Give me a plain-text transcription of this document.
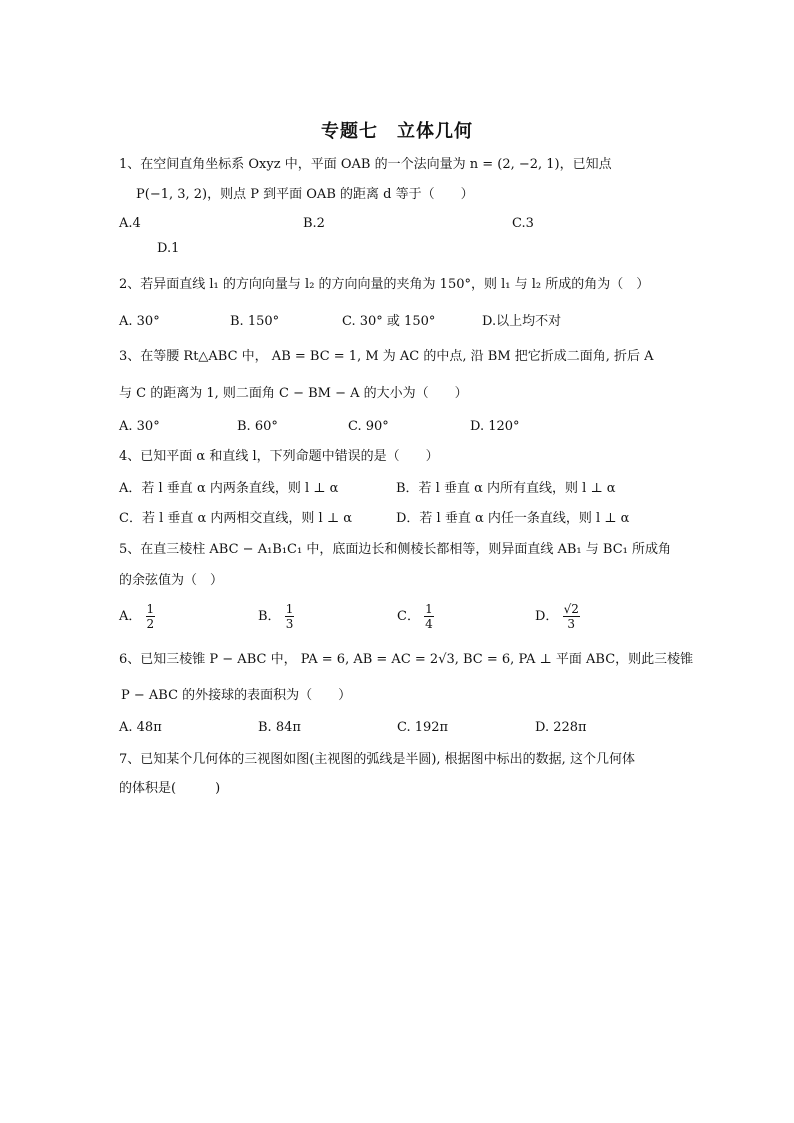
专题七　立体几何
1、在空间直角坐标系 Oxyz 中，平面 OAB 的一个法向量为 n = (2, −2, 1)，已知点
P(−1, 3, 2)，则点 P 到平面 OAB 的距离 d 等于（　　）
A.4	B.2	C.3
D.1
2、若异面直线 l₁ 的方向向量与 l₂ 的方向向量的夹角为 150°，则 l₁ 与 l₂ 所成的角为（　）
A. 30°	B. 150°	C. 30° 或 150°	D.以上均不对
3、在等腰 Rt△ABC 中， AB = BC = 1, M 为 AC 的中点, 沿 BM 把它折成二面角, 折后 A
与 C 的距离为 1, 则二面角 C − BM − A 的大小为（　　）
A. 30°	B. 60°	C. 90°	D. 120°
4、已知平面 α 和直线 l，下列命题中错误的是（　　）
A．若 l 垂直 α 内两条直线，则 l ⊥ α	B．若 l 垂直 α 内所有直线，则 l ⊥ α
C．若 l 垂直 α 内两相交直线，则 l ⊥ α	D．若 l 垂直 α 内任一条直线，则 l ⊥ α
5、在直三棱柱 ABC − A₁B₁C₁ 中，底面边长和侧棱长都相等，则异面直线 AB₁ 与 BC₁ 所成角
的余弦值为（　）
A． $\frac{1}{2}$	B． $\frac{1}{3}$	C． $\frac{1}{4}$	D． $\frac{√2}{3}$
6、已知三棱锥 P − ABC 中， PA = 6, AB = AC = 2√3, BC = 6, PA ⊥ 平面 ABC，则此三棱锥
P − ABC 的外接球的表面积为（　　）
A. 48π	B. 84π	C. 192π	D. 228π
7、已知某个几何体的三视图如图(主视图的弧线是半圆), 根据图中标出的数据, 这个几何体
的体积是(　　　)
